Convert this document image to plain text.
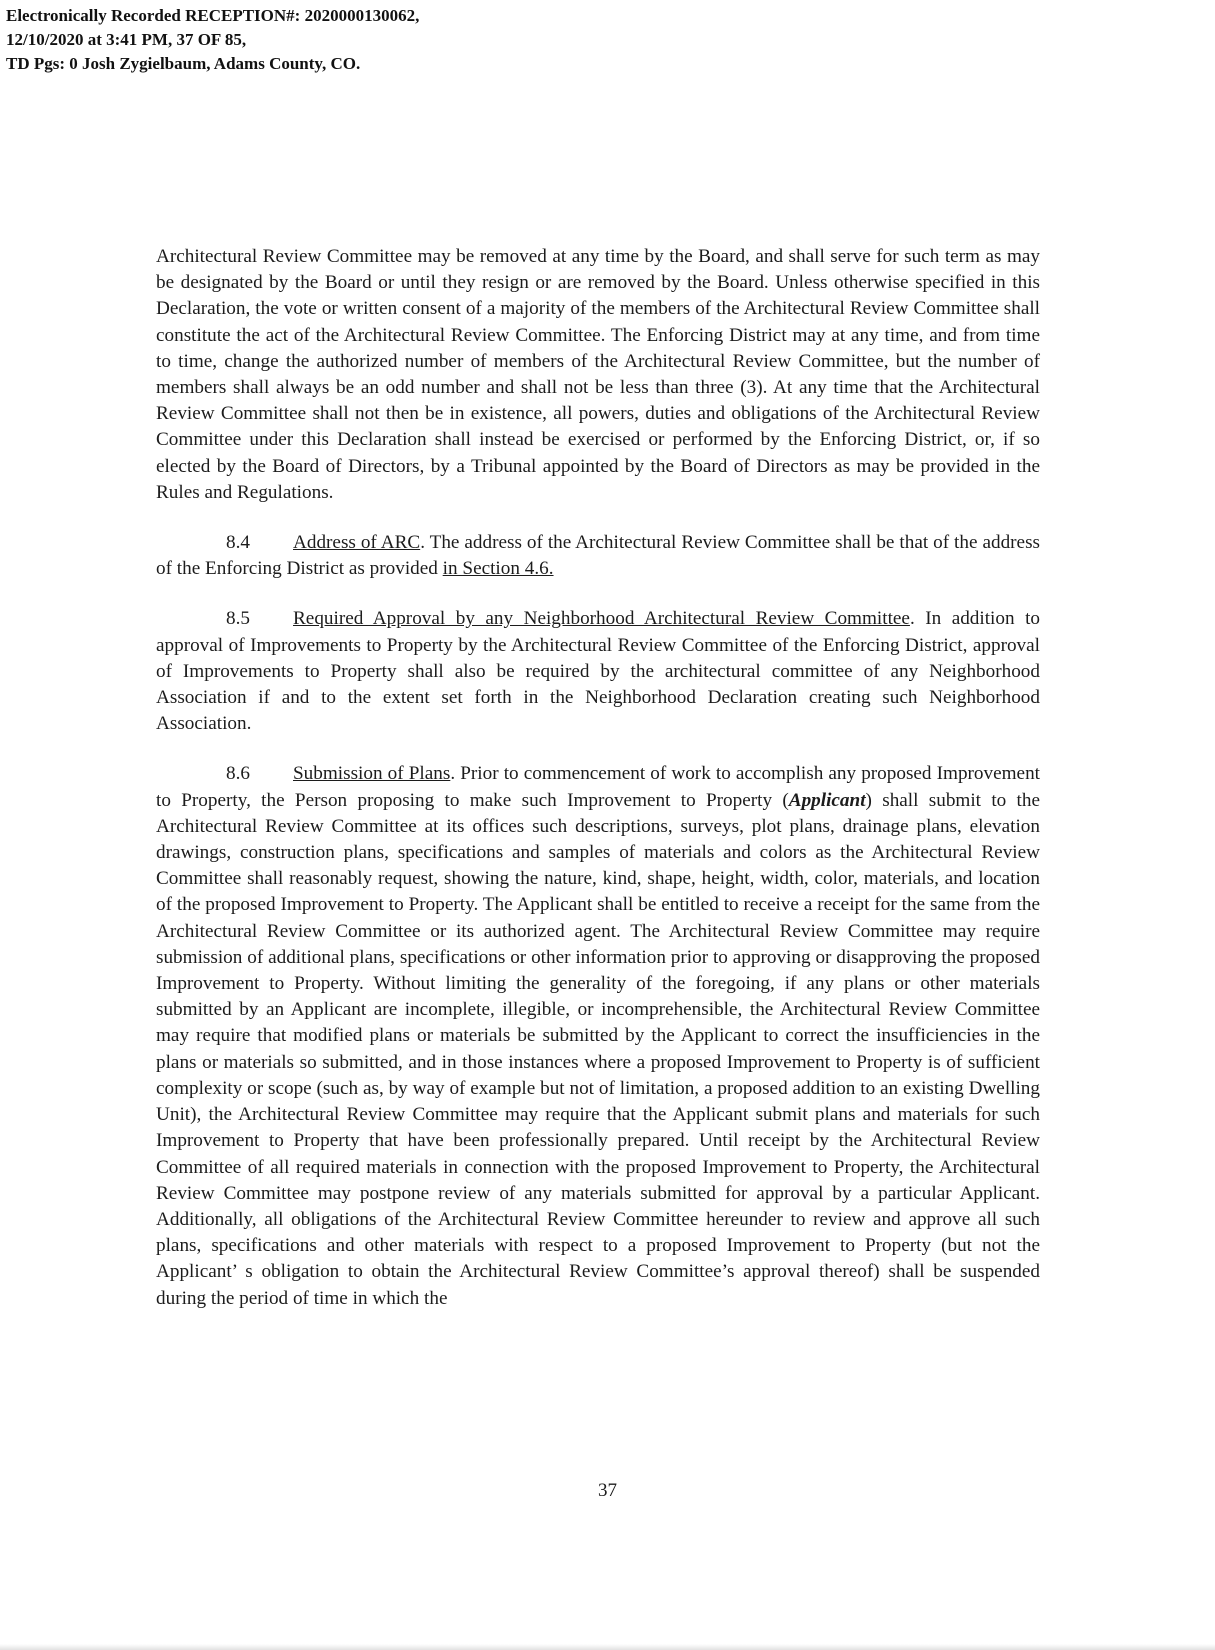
Electronically Recorded RECEPTION#: 2020000130062,
12/10/2020 at 3:41 PM, 37 OF 85,
TD Pgs: 0 Josh Zygielbaum, Adams County, CO.

Architectural Review Committee may be removed at any time by the Board, and shall serve for such term as may be designated by the Board or until they resign or are removed by the Board. Unless otherwise specified in this Declaration, the vote or written consent of a majority of the members of the Architectural Review Committee shall constitute the act of the Architectural Review Committee. The Enforcing District may at any time, and from time to time, change the authorized number of members of the Architectural Review Committee, but the number of members shall always be an odd number and shall not be less than three (3). At any time that the Architectural Review Committee shall not then be in existence, all powers, duties and obligations of the Architectural Review Committee under this Declaration shall instead be exercised or performed by the Enforcing District, or, if so elected by the Board of Directors, by a Tribunal appointed by the Board of Directors as may be provided in the Rules and Regulations.

8.4 Address of ARC. The address of the Architectural Review Committee shall be that of the address of the Enforcing District as provided in Section 4.6.

8.5 Required Approval by any Neighborhood Architectural Review Committee. In addition to approval of Improvements to Property by the Architectural Review Committee of the Enforcing District, approval of Improvements to Property shall also be required by the architectural committee of any Neighborhood Association if and to the extent set forth in the Neighborhood Declaration creating such Neighborhood Association.

8.6 Submission of Plans. Prior to commencement of work to accomplish any proposed Improvement to Property, the Person proposing to make such Improvement to Property (Applicant) shall submit to the Architectural Review Committee at its offices such descriptions, surveys, plot plans, drainage plans, elevation drawings, construction plans, specifications and samples of materials and colors as the Architectural Review Committee shall reasonably request, showing the nature, kind, shape, height, width, color, materials, and location of the proposed Improvement to Property. The Applicant shall be entitled to receive a receipt for the same from the Architectural Review Committee or its authorized agent. The Architectural Review Committee may require submission of additional plans, specifications or other information prior to approving or disapproving the proposed Improvement to Property. Without limiting the generality of the foregoing, if any plans or other materials submitted by an Applicant are incomplete, illegible, or incomprehensible, the Architectural Review Committee may require that modified plans or materials be submitted by the Applicant to correct the insufficiencies in the plans or materials so submitted, and in those instances where a proposed Improvement to Property is of sufficient complexity or scope (such as, by way of example but not of limitation, a proposed addition to an existing Dwelling Unit), the Architectural Review Committee may require that the Applicant submit plans and materials for such Improvement to Property that have been professionally prepared. Until receipt by the Architectural Review Committee of all required materials in connection with the proposed Improvement to Property, the Architectural Review Committee may postpone review of any materials submitted for approval by a particular Applicant. Additionally, all obligations of the Architectural Review Committee hereunder to review and approve all such plans, specifications and other materials with respect to a proposed Improvement to Property (but not the Applicant’ s obligation to obtain the Architectural Review Committee’s approval thereof) shall be suspended during the period of time in which the

37
